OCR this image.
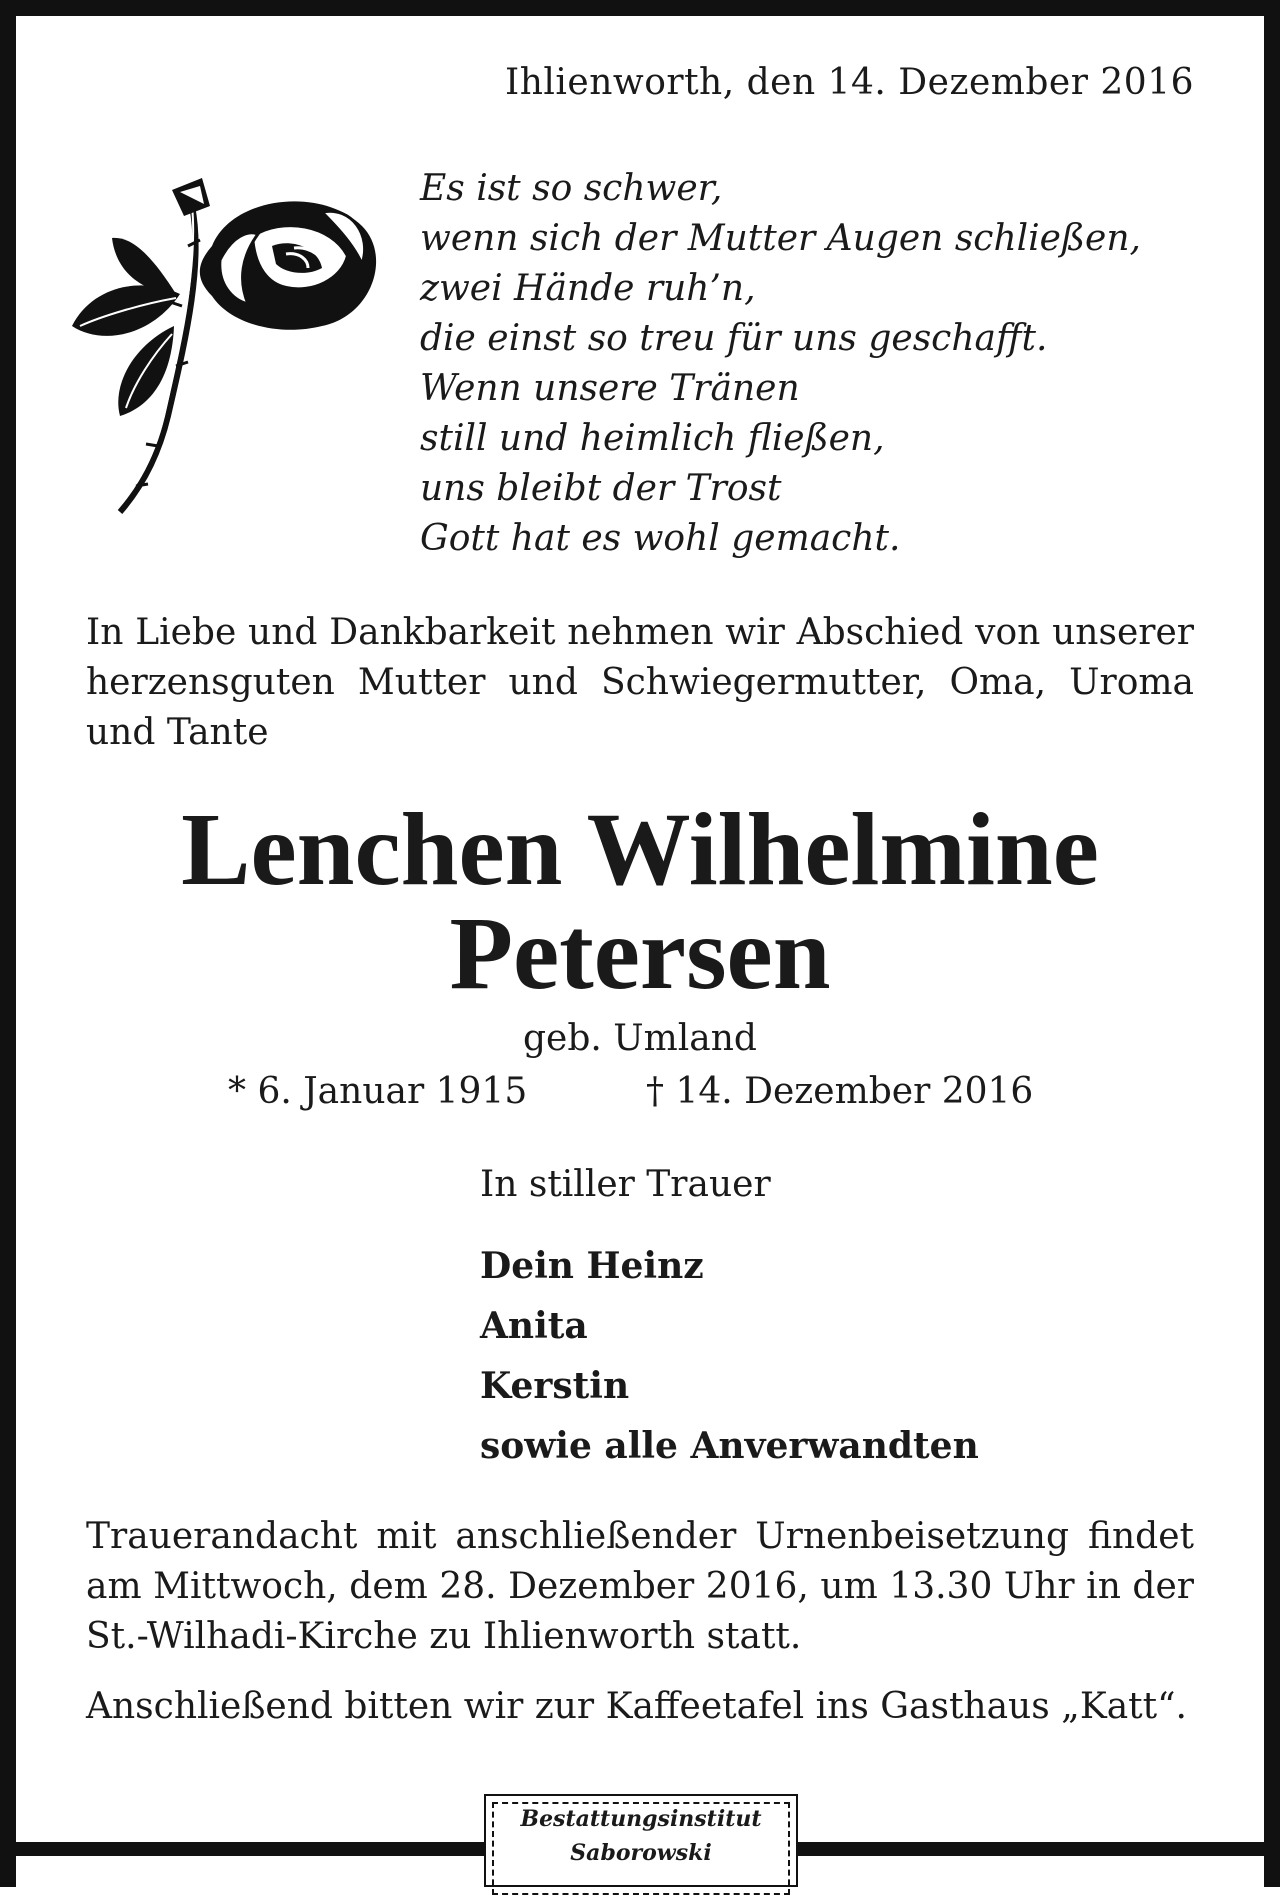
Ihlienworth, den 14. Dezember 2016
Es ist so schwer,
wenn sich der Mutter Augen schließen,
zwei Hände ruh’n,
die einst so treu für uns geschafft.
Wenn unsere Tränen
still und heimlich fließen,
uns bleibt der Trost
Gott hat es wohl gemacht.
In Liebe und Dankbarkeit nehmen wir Abschied von unserer herzensguten Mutter und Schwiegermutter, Oma, Uroma und Tante
Lenchen Wilhelmine
Petersen
geb. Umland
* 6. Januar 1915	† 14. Dezember 2016
In stiller Trauer
Dein Heinz
Anita
Kerstin
sowie alle Anverwandten
Trauerandacht mit anschließender Urnenbeisetzung findet am Mittwoch, dem 28. Dezember 2016, um 13.30 Uhr in der St.-Wilhadi-Kirche zu Ihlienworth statt.
Anschließend bitten wir zur Kaffeetafel ins Gasthaus „Katt“.
Bestattungsinstitut
Saborowski
